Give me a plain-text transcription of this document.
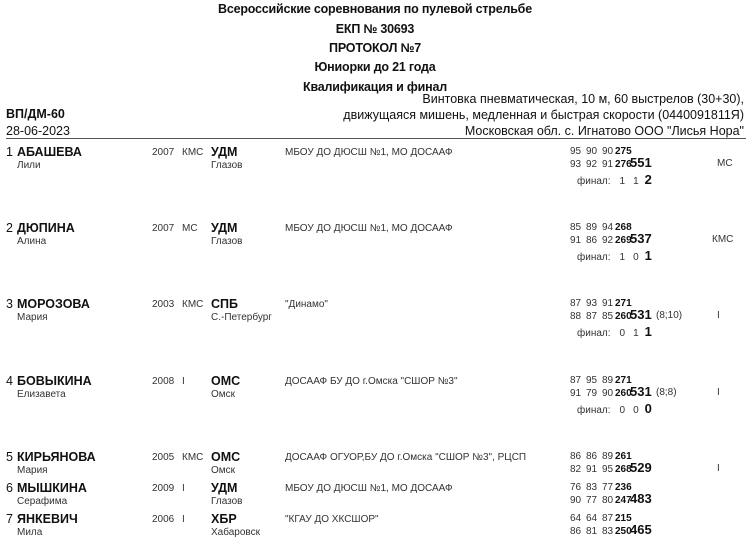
Всероссийские соревнования по пулевой стрельбе
ЕКП № 30693
ПРОТОКОЛ №7
Юниорки до 21 года
Квалификация и финал
ВП/ДМ-60
28-06-2023
Винтовка пневматическая, 10 м, 60 выстрелов (30+30),
движущаяся мишень, медленная и быстрая скорости (0440091811Я)
Московская обл. с. Игнатово ООО "Лисья Нора"
1 АБАШЕВА
Лили
2007 КМС УДМ
Глазов
МБОУ ДО ДЮСШ №1, МО ДОСААФ	95 90 90 275
93 92 91 276
551	МС
финал: 1 1 2
2 ДЮПИНА
Алина
2007 МС УДМ
Глазов
МБОУ ДО ДЮСШ №1, МО ДОСААФ	85 89 94 268
91 86 92 269
537	КМС
финал: 1 0 1
3 МОРОЗОВА
Мария
2003 КМС СПБ
С.-Петербург
"Динамо"	87 93 91 271
88 87 85 260
531 (8;10)	I
финал: 0 1 1
4 БОВЫКИНА
Елизавета
2008 I ОМС
Омск
ДОСААФ БУ ДО г.Омска "СШОР №3"	87 95 89 271
91 79 90 260
531 (8;8)	I
финал: 0 0 0
5 КИРЬЯНОВА
Мария
2005 КМС ОМС
Омск
ДОСААФ ОГУОР,БУ ДО г.Омска "СШОР №3", РЦСП	86 86 89 261
82 91 95 268
529	I
6 МЫШКИНА
Серафима
2009 I УДМ
Глазов
МБОУ ДО ДЮСШ №1, МО ДОСААФ	76 83 77 236
90 77 80 247
483
7 ЯНКЕВИЧ
Мила
2006 I ХБР
Хабаровск
"КГАУ ДО ХКСШОР"	64 64 87 215
86 81 83 250
465
